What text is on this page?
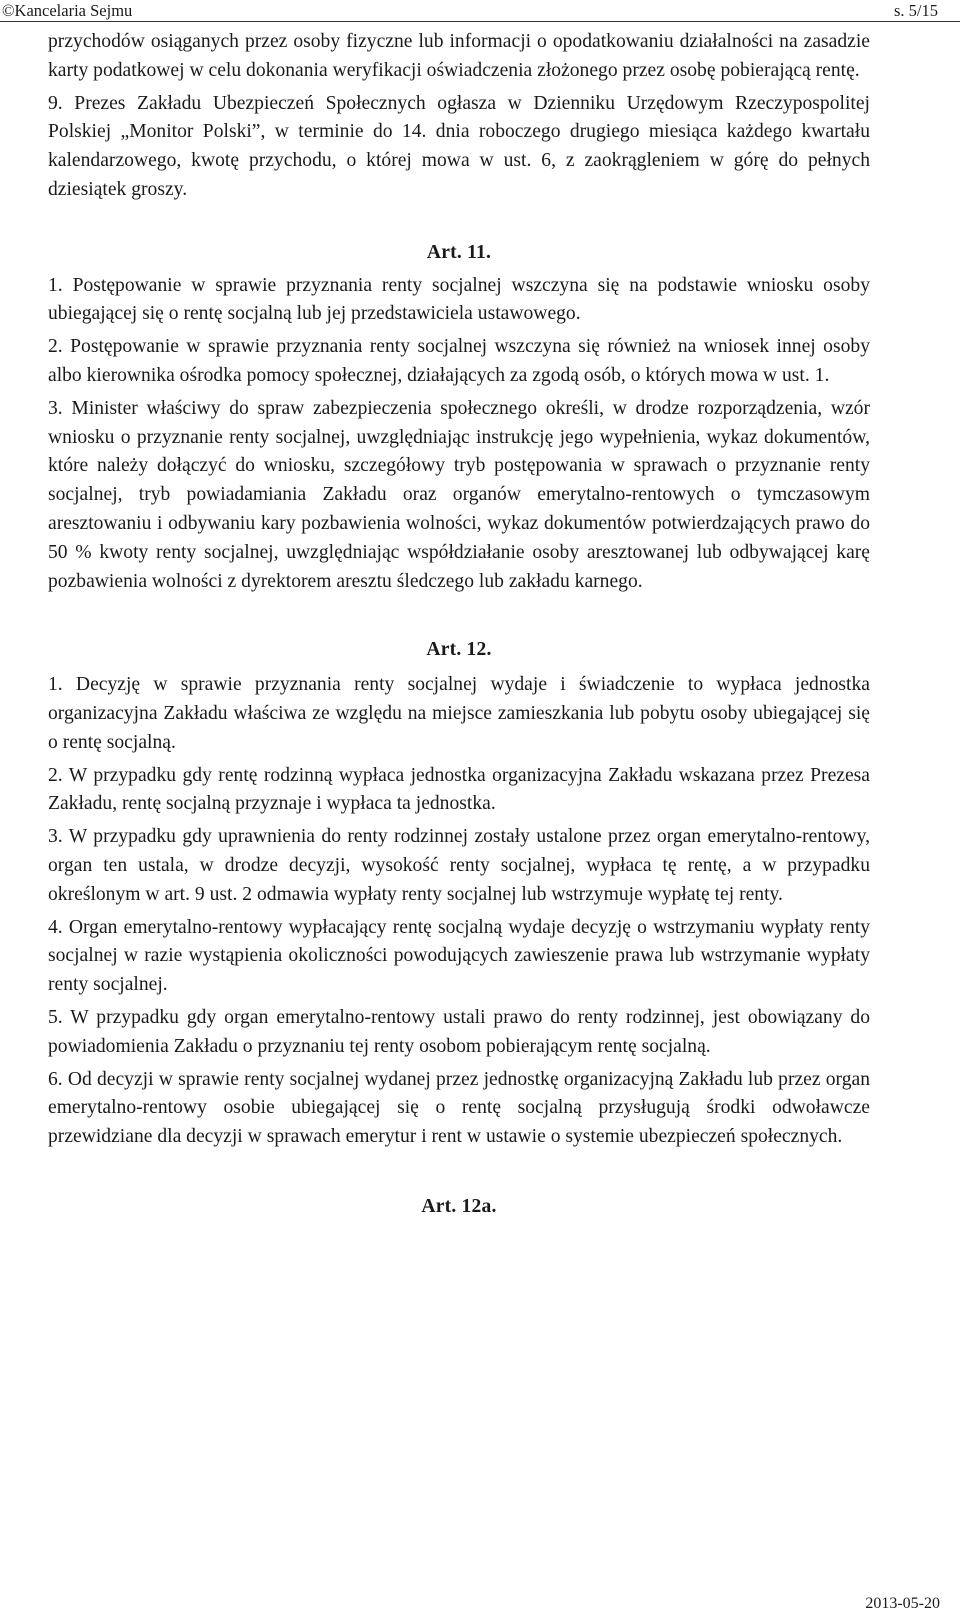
©Kancelaria Sejmu	s. 5/15

przychodów osiąganych przez osoby fizyczne lub informacji o opodatkowaniu działalności na zasadzie karty podatkowej w celu dokonania weryfikacji oświadczenia złożonego przez osobę pobierającą rentę.

9. Prezes Zakładu Ubezpieczeń Społecznych ogłasza w Dzienniku Urzędowym Rzeczypospolitej Polskiej „Monitor Polski”, w terminie do 14. dnia roboczego drugiego miesiąca każdego kwartału kalendarzowego, kwotę przychodu, o której mowa w ust. 6, z zaokrągleniem w górę do pełnych dziesiątek groszy.

Art. 11.

1. Postępowanie w sprawie przyznania renty socjalnej wszczyna się na podstawie wniosku osoby ubiegającej się o rentę socjalną lub jej przedstawiciela ustawowego.

2. Postępowanie w sprawie przyznania renty socjalnej wszczyna się również na wniosek innej osoby albo kierownika ośrodka pomocy społecznej, działających za zgodą osób, o których mowa w ust. 1.

3. Minister właściwy do spraw zabezpieczenia społecznego określi, w drodze rozporządzenia, wzór wniosku o przyznanie renty socjalnej, uwzględniając instrukcję jego wypełnienia, wykaz dokumentów, które należy dołączyć do wniosku, szczegółowy tryb postępowania w sprawach o przyznanie renty socjalnej, tryb powiadamiania Zakładu oraz organów emerytalno-rentowych o tymczasowym aresztowaniu i odbywaniu kary pozbawienia wolności, wykaz dokumentów potwierdzających prawo do 50 % kwoty renty socjalnej, uwzględniając współdziałanie osoby aresztowanej lub odbywającej karę pozbawienia wolności z dyrektorem aresztu śledczego lub zakładu karnego.

Art. 12.

1. Decyzję w sprawie przyznania renty socjalnej wydaje i świadczenie to wypłaca jednostka organizacyjna Zakładu właściwa ze względu na miejsce zamieszkania lub pobytu osoby ubiegającej się o rentę socjalną.

2. W przypadku gdy rentę rodzinną wypłaca jednostka organizacyjna Zakładu wskazana przez Prezesa Zakładu, rentę socjalną przyznaje i wypłaca ta jednostka.

3. W przypadku gdy uprawnienia do renty rodzinnej zostały ustalone przez organ emerytalno-rentowy, organ ten ustala, w drodze decyzji, wysokość renty socjalnej, wypłaca tę rentę, a w przypadku określonym w art. 9 ust. 2 odmawia wypłaty renty socjalnej lub wstrzymuje wypłatę tej renty.

4. Organ emerytalno-rentowy wypłacający rentę socjalną wydaje decyzję o wstrzymaniu wypłaty renty socjalnej w razie wystąpienia okoliczności powodujących zawieszenie prawa lub wstrzymanie wypłaty renty socjalnej.

5. W przypadku gdy organ emerytalno-rentowy ustali prawo do renty rodzinnej, jest obowiązany do powiadomienia Zakładu o przyznaniu tej renty osobom pobierającym rentę socjalną.

6. Od decyzji w sprawie renty socjalnej wydanej przez jednostkę organizacyjną Zakładu lub przez organ emerytalno-rentowy osobie ubiegającej się o rentę socjalną przysługują środki odwoławcze przewidziane dla decyzji w sprawach emerytur i rent w ustawie o systemie ubezpieczeń społecznych.

Art. 12a.

2013-05-20
